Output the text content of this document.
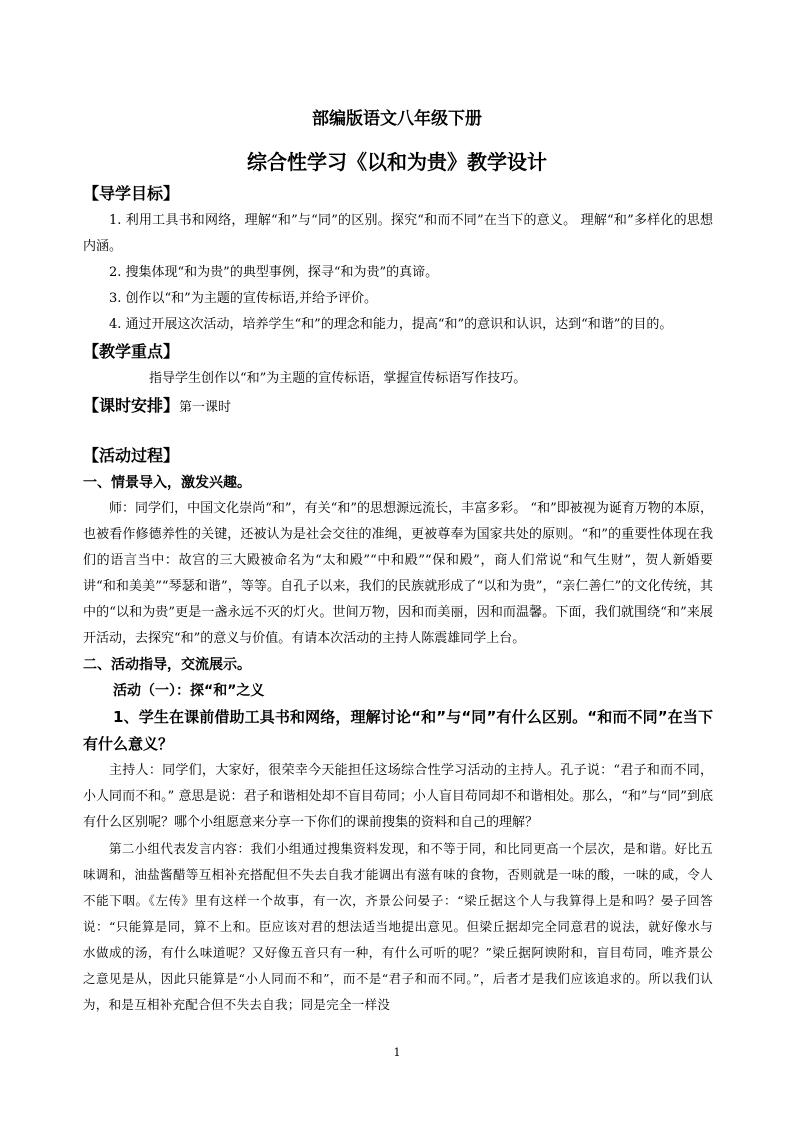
部编版语文八年级下册
综合性学习《以和为贵》教学设计
【导学目标】

1. 利用工具书和网络，理解“和”与“同”的区别。探究“和而不同”在当下的意义。 理解“和”多样化的思想内涵。

2. 搜集体现“和为贵”的典型事例，探寻“和为贵”的真谛。

3. 创作以“和”为主题的宣传标语,并给予评价。

4. 通过开展这次活动，培养学生“和”的理念和能力，提高“和”的意识和认识，达到“和谐”的目的。

【教学重点】

指导学生创作以“和”为主题的宣传标语，掌握宣传标语写作技巧。

【课时安排】第一课时
【活动过程】
一、情景导入，激发兴趣。

师：同学们，中国文化崇尚“和”，有关“和”的思想源远流长，丰富多彩。 “和”即被视为诞育万物的本原，也被看作修德养性的关键，还被认为是社会交往的准绳，更被尊奉为国家共处的原则。“和”的重要性体现在我们的语言当中：故宫的三大殿被命名为“太和殿”“中和殿”“保和殿”，商人们常说“和气生财”，贺人新婚要讲“和和美美”“琴瑟和谐”，等等。自孔子以来，我们的民族就形成了“以和为贵”，“亲仁善仁”的文化传统，其中的“以和为贵”更是一盏永远不灭的灯火。世间万物，因和而美丽，因和而温馨。下面，我们就围绕“和”来展开活动，去探究“和”的意义与价值。有请本次活动的主持人陈震雄同学上台。

二、活动指导，交流展示。
活动（一）：探“和”之义

1、学生在课前借助工具书和网络，理解讨论“和”与“同”有什么区别。“和而不同”在当下有什么意义？

主持人：同学们，大家好，很荣幸今天能担任这场综合性学习活动的主持人。孔子说：“君子和而不同，小人同而不和。” 意思是说：君子和谐相处却不盲目苟同；小人盲目苟同却不和谐相处。那么，“和”与“同”到底有什么区别呢？哪个小组愿意来分享一下你们的课前搜集的资料和自己的理解？

第二小组代表发言内容：我们小组通过搜集资料发现，和不等于同，和比同更高一个层次，是和谐。好比五味调和，油盐酱醋等互相补充搭配但不失去自我才能调出有滋有味的食物，否则就是一味的酸，一味的咸，令人不能下咽。《左传》里有这样一个故事，有一次，齐景公问晏子：“梁丘据这个人与我算得上是和吗？晏子回答说：“只能算是同，算不上和。臣应该对君的想法适当地提出意见。但梁丘据却完全同意君的说法，就好像水与水做成的汤，有什么味道呢？又好像五音只有一种，有什么可听的呢？”梁丘据阿谀附和，盲目苟同，唯齐景公之意见是从，因此只能算是“小人同而不和”，而不是“君子和而不同。”，后者才是我们应该追求的。所以我们认为，和是互相补充配合但不失去自我；同是完全一样没

1
